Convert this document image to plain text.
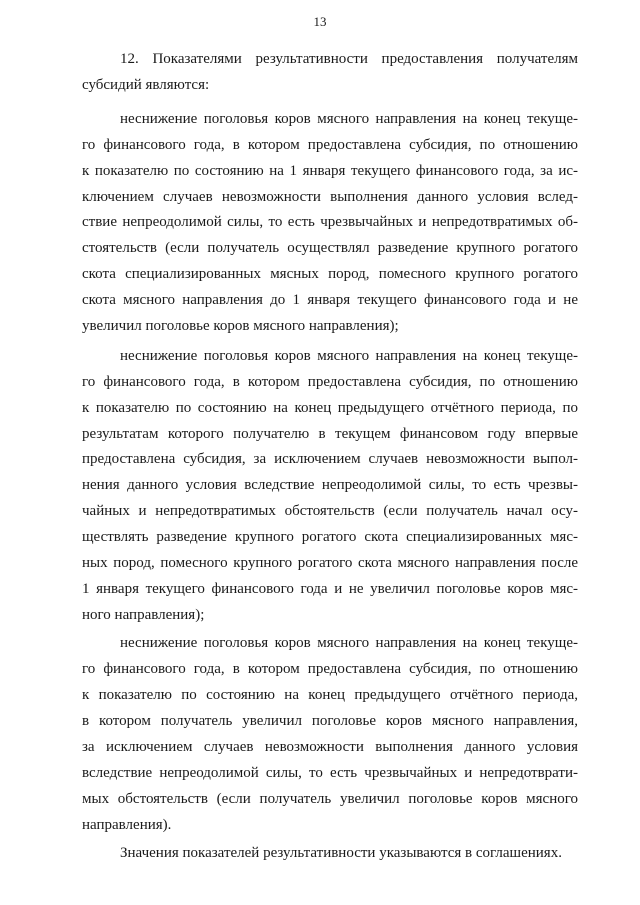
13
12. Показателями результативности предоставления получателям
субсидий являются:
неснижение поголовья коров мясного направления на конец текуще-
го финансового года, в котором предоставлена субсидия, по отношению
к показателю по состоянию на 1 января текущего финансового года, за ис-
ключением случаев невозможности выполнения данного условия вслед-
ствие непреодолимой силы, то есть чрезвычайных и непредотвратимых об-
стоятельств (если получатель осуществлял разведение крупного рогатого
скота специализированных мясных пород, помесного крупного рогатого
скота мясного направления до 1 января текущего финансового года и не
увеличил поголовье коров мясного направления);
неснижение поголовья коров мясного направления на конец текуще-
го финансового года, в котором предоставлена субсидия, по отношению
к показателю по состоянию на конец предыдущего отчётного периода, по
результатам которого получателю в текущем финансовом году впервые
предоставлена субсидия, за исключением случаев невозможности выпол-
нения данного условия вследствие непреодолимой силы, то есть чрезвы-
чайных и непредотвратимых обстоятельств (если получатель начал осу-
ществлять разведение крупного рогатого скота специализированных мяс-
ных пород, помесного крупного рогатого скота мясного направления после
1 января текущего финансового года и не увеличил поголовье коров мяс-
ного направления);
неснижение поголовья коров мясного направления на конец текуще-
го финансового года, в котором предоставлена субсидия, по отношению
к показателю по состоянию на конец предыдущего отчётного периода,
в котором получатель увеличил поголовье коров мясного направления,
за исключением случаев невозможности выполнения данного условия
вследствие непреодолимой силы, то есть чрезвычайных и непредотврати-
мых обстоятельств (если получатель увеличил поголовье коров мясного
направления).
Значения показателей результативности указываются в соглашениях.
